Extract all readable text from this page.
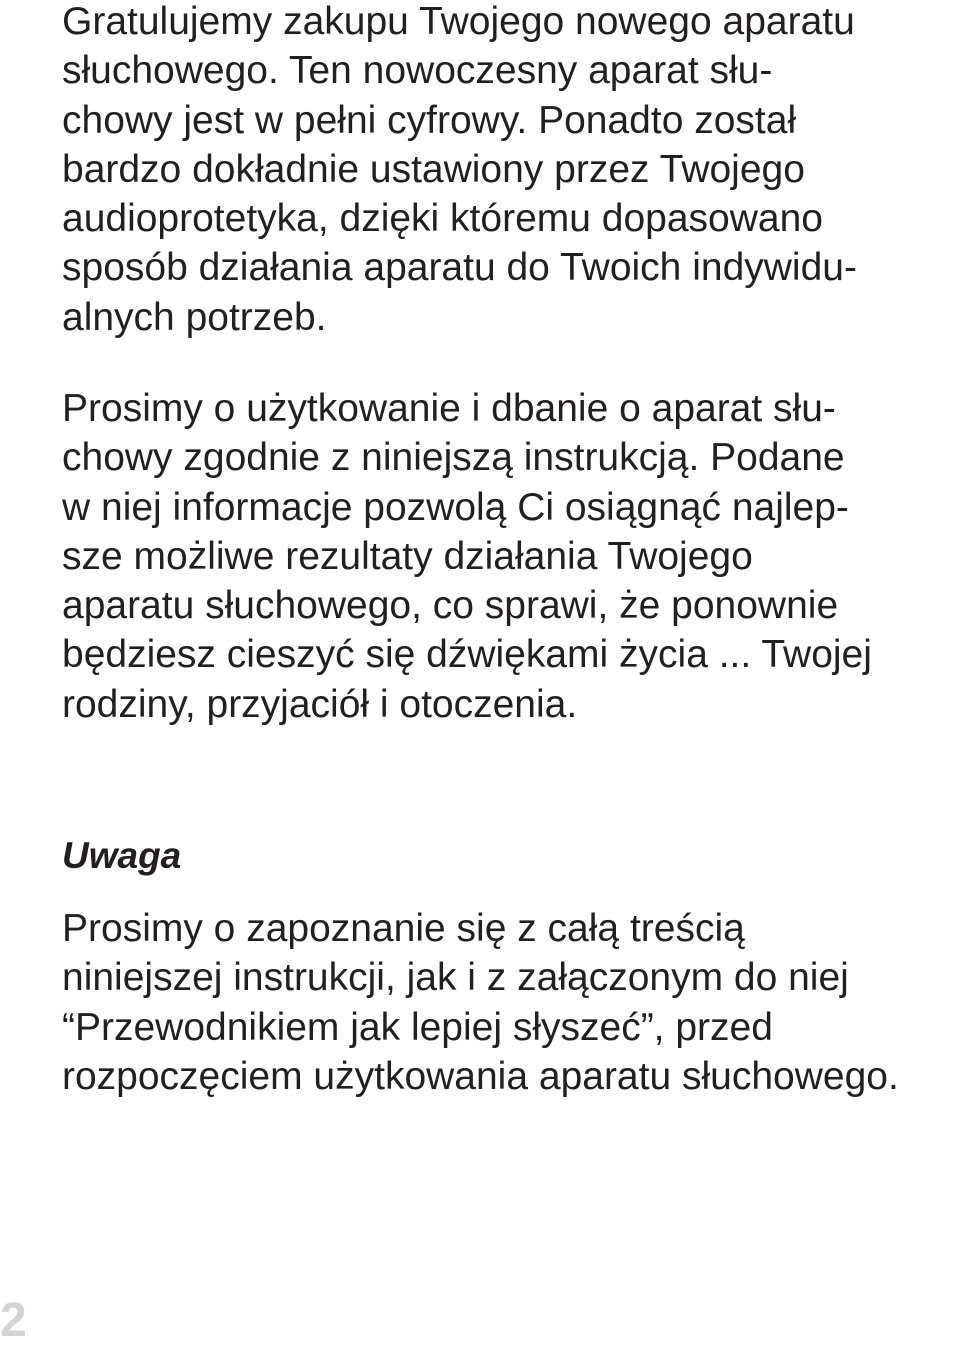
Gratulujemy zakupu Twojego nowego aparatu

słuchowego. Ten nowoczesny aparat słu-

chowy jest w pełni cyfrowy. Ponadto został

bardzo dokładnie ustawiony przez Twojego

audioprotetyka, dzięki któremu dopasowano

sposób działania aparatu do Twoich indywidu-

alnych potrzeb.

Prosimy o użytkowanie i dbanie o aparat słu-

chowy zgodnie z niniejszą instrukcją. Podane

w niej informacje pozwolą Ci osiągnąć najlep-

sze możliwe rezultaty działania Twojego

aparatu słuchowego, co sprawi, że ponownie

będziesz cieszyć się dźwiękami życia ... Twojej

rodziny, przyjaciół i otoczenia.

Uwaga

Prosimy o zapoznanie się z całą treścią

niniejszej instrukcji, jak i z załączonym do niej

“Przewodnikiem jak lepiej słyszeć”, przed

rozpoczęciem użytkowania aparatu słuchowego.

2
